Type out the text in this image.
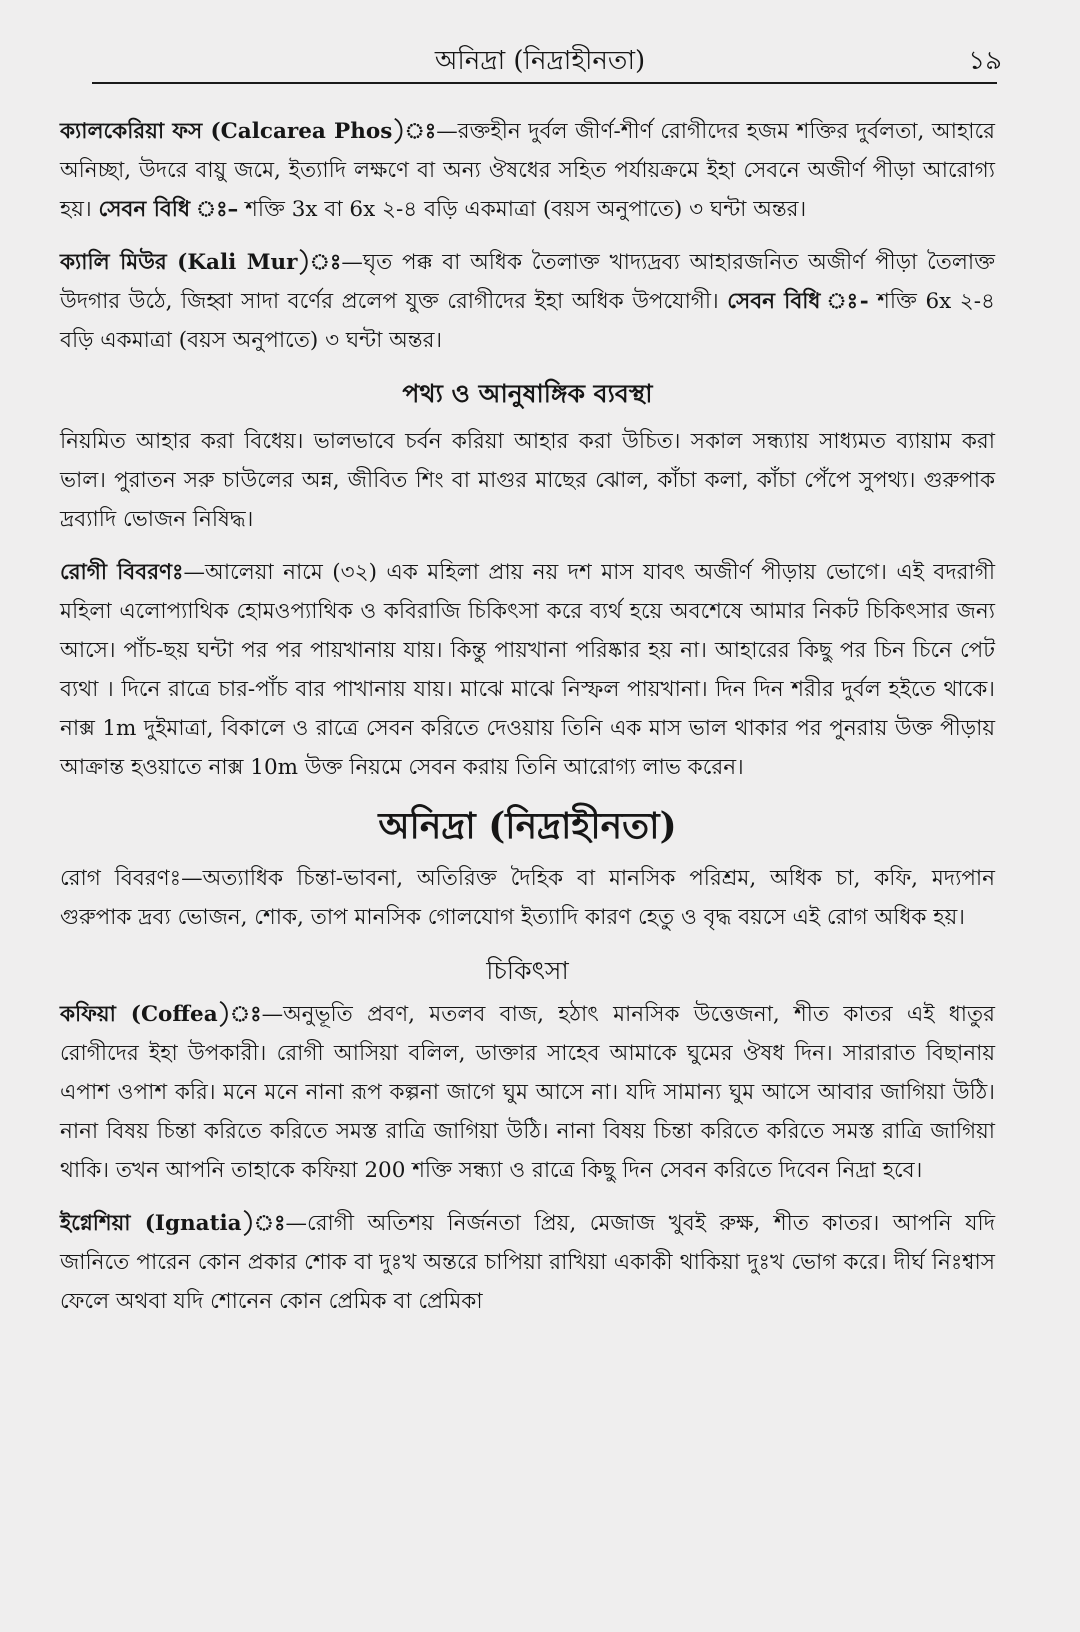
অনিদ্রা (নিদ্রাহীনতা)	১৯

ক্যালকেরিয়া ফস (Calcarea Phos)ঃ—রক্তহীন দুর্বল জীর্ণ-শীর্ণ রোগীদের হজম শক্তির দুর্বলতা, আহারে অনিচ্ছা, উদরে বায়ু জমে, ইত্যাদি লক্ষণে বা অন্য ঔষধের সহিত পর্যায়ক্রমে ইহা সেবনে অজীর্ণ পীড়া আরোগ্য হয়। সেবন বিধি ঃ– শক্তি 3x বা 6x ২-৪ বড়ি একমাত্রা (বয়স অনুপাতে) ৩ ঘন্টা অন্তর।

ক্যালি মিউর (Kali Mur)ঃ—ঘৃত পক্ক বা অধিক তৈলাক্ত খাদ্যদ্রব্য আহারজনিত অজীর্ণ পীড়া তৈলাক্ত উদগার উঠে, জিহ্বা সাদা বর্ণের প্রলেপ যুক্ত রোগীদের ইহা অধিক উপযোগী। সেবন বিধি ঃ- শক্তি 6x ২-৪ বড়ি একমাত্রা (বয়স অনুপাতে) ৩ ঘন্টা অন্তর।

পথ্য ও আনুষাঙ্গিক ব্যবস্থা

নিয়মিত আহার করা বিধেয়। ভালভাবে চর্বন করিয়া আহার করা উচিত। সকাল সন্ধ্যায় সাধ্যমত ব্যায়াম করা ভাল। পুরাতন সরু চাউলের অন্ন, জীবিত শিং বা মাগুর মাছের ঝোল, কাঁচা কলা, কাঁচা পেঁপে সুপথ্য। গুরুপাক দ্রব্যাদি ভোজন নিষিদ্ধ।

রোগী বিবরণঃ—আলেয়া নামে (৩২) এক মহিলা প্রায় নয় দশ মাস যাবৎ অজীর্ণ পীড়ায় ভোগে। এই বদরাগী মহিলা এলোপ্যাথিক হোমওপ্যাথিক ও কবিরাজি চিকিৎসা করে ব্যর্থ হয়ে অবশেষে আমার নিকট চিকিৎসার জন্য আসে। পাঁচ-ছয় ঘন্টা পর পর পায়খানায় যায়। কিন্তু পায়খানা পরিষ্কার হয় না। আহারের কিছু পর চিন চিনে পেট ব্যথা । দিনে রাত্রে চার-পাঁচ বার পাখানায় যায়। মাঝে মাঝে নিস্ফল পায়খানা। দিন দিন শরীর দুর্বল হইতে থাকে। নাক্স 1m দুইমাত্রা, বিকালে ও রাত্রে সেবন করিতে দেওয়ায় তিনি এক মাস ভাল থাকার পর পুনরায় উক্ত পীড়ায় আক্রান্ত হওয়াতে নাক্স 10m উক্ত নিয়মে সেবন করায় তিনি আরোগ্য লাভ করেন।

অনিদ্রা (নিদ্রাহীনতা)

রোগ বিবরণঃ—অত্যাধিক চিন্তা-ভাবনা, অতিরিক্ত দৈহিক বা মানসিক পরিশ্রম, অধিক চা, কফি, মদ্যপান গুরুপাক দ্রব্য ভোজন, শোক, তাপ মানসিক গোলযোগ ইত্যাদি কারণ হেতু ও বৃদ্ধ বয়সে এই রোগ অধিক হয়।

চিকিৎসা

কফিয়া (Coffea)ঃ—অনুভূতি প্রবণ, মতলব বাজ, হঠাৎ মানসিক উত্তেজনা, শীত কাতর এই ধাতুর রোগীদের ইহা উপকারী। রোগী আসিয়া বলিল, ডাক্তার সাহেব আমাকে ঘুমের ঔষধ দিন। সারারাত বিছানায় এপাশ ওপাশ করি। মনে মনে নানা রূপ কল্পনা জাগে ঘুম আসে না। যদি সামান্য ঘুম আসে আবার জাগিয়া উঠি। নানা বিষয় চিন্তা করিতে করিতে সমস্ত রাত্রি জাগিয়া উঠি। নানা বিষয় চিন্তা করিতে করিতে সমস্ত রাত্রি জাগিয়া থাকি। তখন আপনি তাহাকে কফিয়া 200 শক্তি সন্ধ্যা ও রাত্রে কিছু দিন সেবন করিতে দিবেন নিদ্রা হবে।

ইগ্নেশিয়া (Ignatia)ঃ—রোগী অতিশয় নির্জনতা প্রিয়, মেজাজ খুবই রুক্ষ, শীত কাতর। আপনি যদি জানিতে পারেন কোন প্রকার শোক বা দুঃখ অন্তরে চাপিয়া রাখিয়া একাকী থাকিয়া দুঃখ ভোগ করে। দীর্ঘ নিঃশ্বাস ফেলে অথবা যদি শোনেন কোন প্রেমিক বা প্রেমিকা
